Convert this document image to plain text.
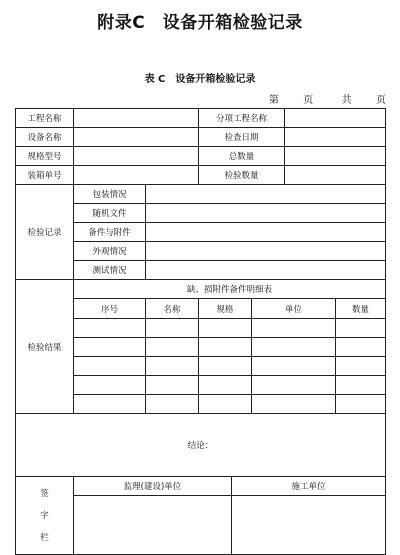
附录C　设备开箱检验记录
表 C　设备开箱检验记录
第 页	共 页
工程名称			分项工程名称					
设备名称			检查日期					
规格型号			总数量					
装箱单号			检验数量					
检验记录	包装情况							
	随机文件							
	备件与附件							
	外观情况							
	测试情况							
检验结果	缺、损附件备件明细表							
	序号	名称	规格		单位		数量	

结论：								

签
字
栏	监理(建设)单位			施工单位				
